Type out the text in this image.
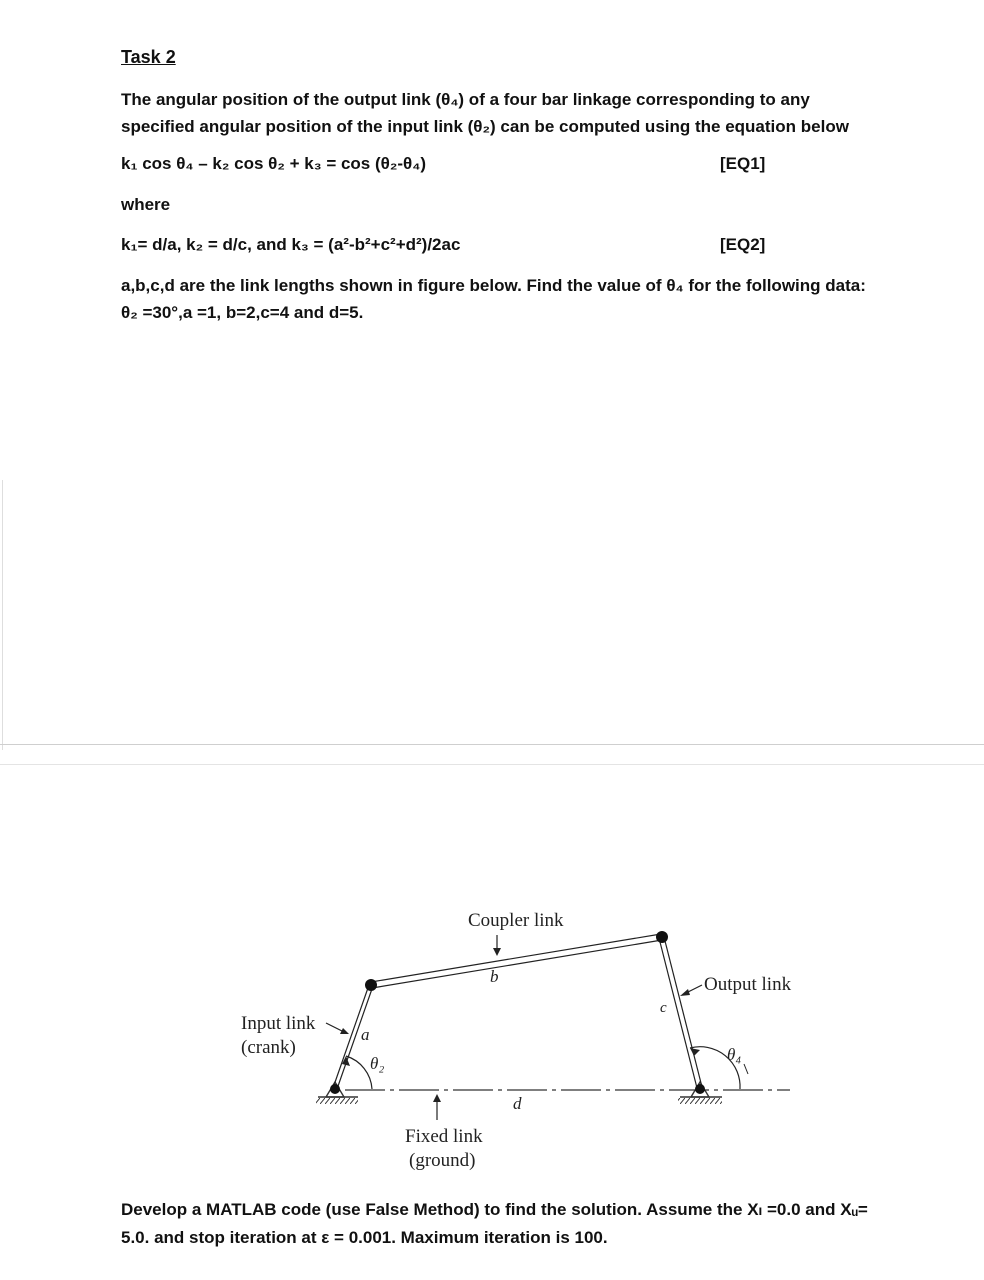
Task 2
The angular position of the output link (θ₄) of a four bar linkage corresponding to any
specified angular position of the input link (θ₂) can be computed using the equation below
k₁ cos θ₄ – k₂ cos θ₂ + k₃ = cos (θ₂-θ₄)	[EQ1]
where
k₁= d/a, k₂ = d/c, and k₃ = (a²-b²+c²+d²)/2ac	[EQ2]
a,b,c,d are the link lengths shown in figure below. Find the value of θ₄ for the following data:
θ₂ =30°,a =1, b=2,c=4 and d=5.
Coupler link
Output link
Input link
(crank)
Fixed link
(ground)
a
b
c
d
θ₂	θ₄
Develop a MATLAB code (use False Method) to find the solution. Assume the Xₗ =0.0 and Xᵤ=
5.0. and stop iteration at ε = 0.001. Maximum iteration is 100.
